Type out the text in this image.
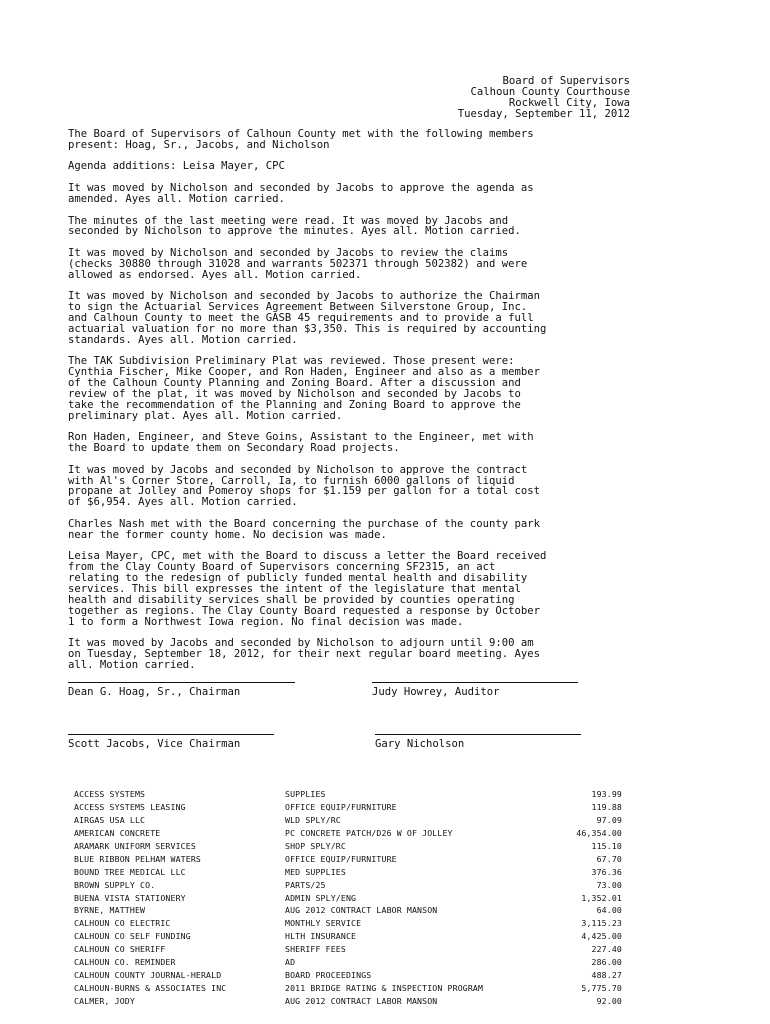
Board of Supervisors
Calhoun County Courthouse
Rockwell City, Iowa
Tuesday, September 11, 2012

The Board of Supervisors of Calhoun County met with the following members
present: Hoag, Sr., Jacobs, and Nicholson

Agenda additions: Leisa Mayer, CPC

It was moved by Nicholson and seconded by Jacobs to approve the agenda as
amended. Ayes all. Motion carried.

The minutes of the last meeting were read. It was moved by Jacobs and
seconded by Nicholson to approve the minutes. Ayes all. Motion carried.

It was moved by Nicholson and seconded by Jacobs to review the claims
(checks 30880 through 31028 and warrants 502371 through 502382) and were
allowed as endorsed. Ayes all. Motion carried.

It was moved by Nicholson and seconded by Jacobs to authorize the Chairman
to sign the Actuarial Services Agreement Between Silverstone Group, Inc.
and Calhoun County to meet the GASB 45 requirements and to provide a full
actuarial valuation for no more than $3,350. This is required by accounting
standards. Ayes all. Motion carried.

The TAK Subdivision Preliminary Plat was reviewed. Those present were:
Cynthia Fischer, Mike Cooper, and Ron Haden, Engineer and also as a member
of the Calhoun County Planning and Zoning Board. After a discussion and
review of the plat, it was moved by Nicholson and seconded by Jacobs to
take the recommendation of the Planning and Zoning Board to approve the
preliminary plat. Ayes all. Motion carried.

Ron Haden, Engineer, and Steve Goins, Assistant to the Engineer, met with
the Board to update them on Secondary Road projects.

It was moved by Jacobs and seconded by Nicholson to approve the contract
with Al's Corner Store, Carroll, Ia, to furnish 6000 gallons of liquid
propane at Jolley and Pomeroy shops for $1.159 per gallon for a total cost
of $6,954. Ayes all. Motion carried.

Charles Nash met with the Board concerning the purchase of the county park
near the former county home. No decision was made.

Leisa Mayer, CPC, met with the Board to discuss a letter the Board received
from the Clay County Board of Supervisors concerning SF2315, an act
relating to the redesign of publicly funded mental health and disability
services. This bill expresses the intent of the legislature that mental
health and disability services shall be provided by counties operating
together as regions. The Clay County Board requested a response by October
1 to form a Northwest Iowa region. No final decision was made.

It was moved by Jacobs and seconded by Nicholson to adjourn until 9:00 am
on Tuesday, September 18, 2012, for their next regular board meeting. Ayes
all. Motion carried.

Dean G. Hoag, Sr., Chairman	Judy Howrey, Auditor
Scott Jacobs, Vice Chairman	Gary Nicholson
ACCESS SYSTEMS	SUPPLIES	193.99
ACCESS SYSTEMS LEASING	OFFICE EQUIP/FURNITURE	119.88
AIRGAS USA LLC	WLD SPLY/RC	97.09
AMERICAN CONCRETE	PC CONCRETE PATCH/D26 W OF JOLLEY	46,354.00
ARAMARK UNIFORM SERVICES	SHOP SPLY/RC	115.10
BLUE RIBBON PELHAM WATERS	OFFICE EQUIP/FURNITURE	67.70
BOUND TREE MEDICAL LLC	MED SUPPLIES	376.36
BROWN SUPPLY CO.	PARTS/25	73.00
BUENA VISTA STATIONERY	ADMIN SPLY/ENG	1,352.01
BYRNE, MATTHEW	AUG 2012 CONTRACT LABOR MANSON	64.00
CALHOUN CO ELECTRIC	MONTHLY SERVICE	3,115.23
CALHOUN CO SELF FUNDING	HLTH INSURANCE	4,425.00
CALHOUN CO SHERIFF	SHERIFF FEES	227.40
CALHOUN CO. REMINDER	AD	286.00
CALHOUN COUNTY JOURNAL-HERALD	BOARD PROCEEDINGS	488.27
CALHOUN-BURNS & ASSOCIATES INC	2011 BRIDGE RATING & INSPECTION PROGRAM	5,775.70
CALMER, JODY	AUG 2012 CONTRACT LABOR MANSON	92.00
